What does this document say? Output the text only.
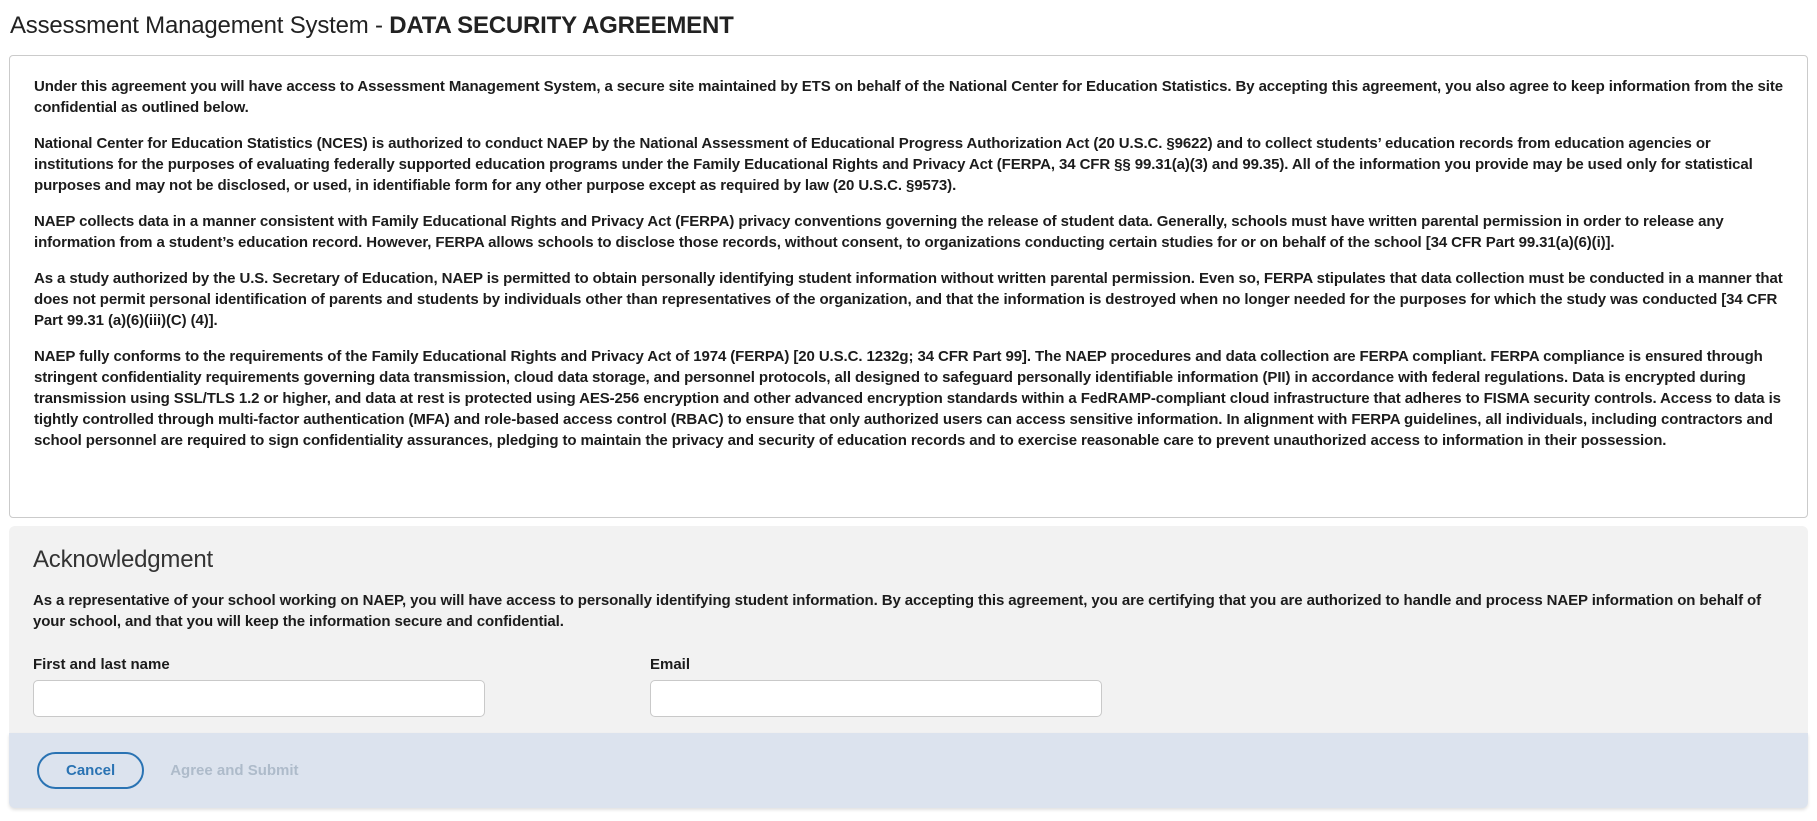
Assessment Management System - DATA SECURITY AGREEMENT

Under this agreement you will have access to Assessment Management System, a secure site maintained by ETS on behalf of the National Center for Education Statistics. By accepting this agreement, you also agree to keep information from the site confidential as outlined below.

National Center for Education Statistics (NCES) is authorized to conduct NAEP by the National Assessment of Educational Progress Authorization Act (20 U.S.C. §9622) and to collect students’ education records from education agencies or institutions for the purposes of evaluating federally supported education programs under the Family Educational Rights and Privacy Act (FERPA, 34 CFR §§ 99.31(a)(3) and 99.35). All of the information you provide may be used only for statistical purposes and may not be disclosed, or used, in identifiable form for any other purpose except as required by law (20 U.S.C. §9573).

NAEP collects data in a manner consistent with Family Educational Rights and Privacy Act (FERPA) privacy conventions governing the release of student data. Generally, schools must have written parental permission in order to release any information from a student’s education record. However, FERPA allows schools to disclose those records, without consent, to organizations conducting certain studies for or on behalf of the school [34 CFR Part 99.31(a)(6)(i)].

As a study authorized by the U.S. Secretary of Education, NAEP is permitted to obtain personally identifying student information without written parental permission. Even so, FERPA stipulates that data collection must be conducted in a manner that does not permit personal identification of parents and students by individuals other than representatives of the organization, and that the information is destroyed when no longer needed for the purposes for which the study was conducted [34 CFR Part 99.31 (a)(6)(iii)(C) (4)].

NAEP fully conforms to the requirements of the Family Educational Rights and Privacy Act of 1974 (FERPA) [20 U.S.C. 1232g; 34 CFR Part 99]. The NAEP procedures and data collection are FERPA compliant. FERPA compliance is ensured through stringent confidentiality requirements governing data transmission, cloud data storage, and personnel protocols, all designed to safeguard personally identifiable information (PII) in accordance with federal regulations. Data is encrypted during transmission using SSL/TLS 1.2 or higher, and data at rest is protected using AES-256 encryption and other advanced encryption standards within a FedRAMP-compliant cloud infrastructure that adheres to FISMA security controls. Access to data is tightly controlled through multi-factor authentication (MFA) and role-based access control (RBAC) to ensure that only authorized users can access sensitive information. In alignment with FERPA guidelines, all individuals, including contractors and school personnel are required to sign confidentiality assurances, pledging to maintain the privacy and security of education records and to exercise reasonable care to prevent unauthorized access to information in their possession.

Acknowledgment

As a representative of your school working on NAEP, you will have access to personally identifying student information. By accepting this agreement, you are certifying that you are authorized to handle and process NAEP information on behalf of your school, and that you will keep the information secure and confidential.

First and last name	Email
Cancel	Agree and Submit
